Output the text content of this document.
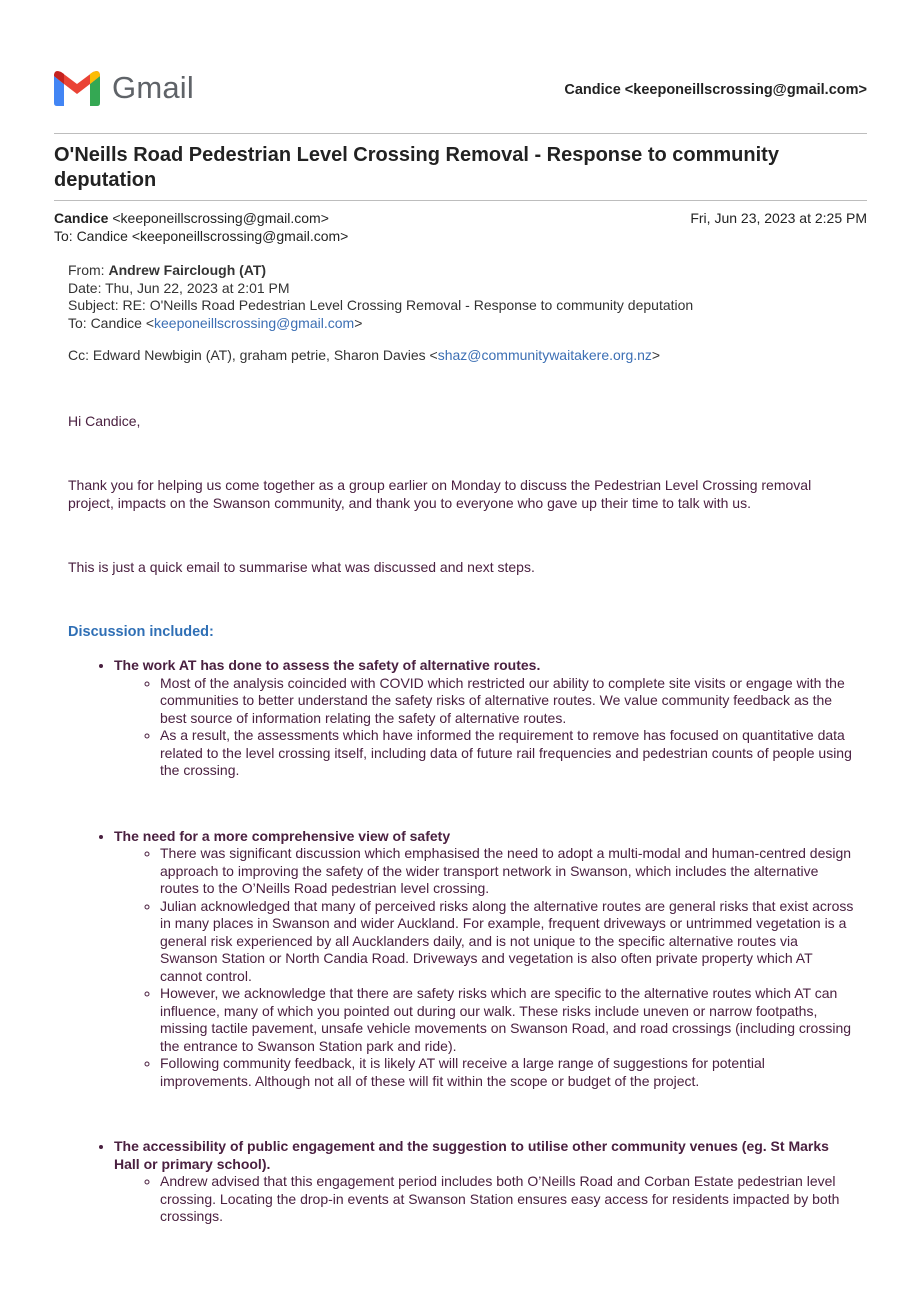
Gmail	Candice <keeponeillscrossing@gmail.com>
O'Neills Road Pedestrian Level Crossing Removal - Response to community deputation
Candice <keeponeillscrossing@gmail.com>	Fri, Jun 23, 2023 at 2:25 PM
To: Candice <keeponeillscrossing@gmail.com>

From: Andrew Fairclough (AT)

Date: Thu, Jun 22, 2023 at 2:01 PM

Subject: RE: O'Neills Road Pedestrian Level Crossing Removal - Response to community deputation

To: Candice <keeponeillscrossing@gmail.com>

Cc: Edward Newbigin (AT), graham petrie, Sharon Davies <shaz@communitywaitakere.org.nz>

Hi Candice,

Thank you for helping us come together as a group earlier on Monday to discuss the Pedestrian Level Crossing removal project, impacts on the Swanson community, and thank you to everyone who gave up their time to talk with us.

This is just a quick email to summarise what was discussed and next steps.

Discussion included:

• The work AT has done to assess the safety of alternative routes.
◦ Most of the analysis coincided with COVID which restricted our ability to complete site visits or engage with the communities to better understand the safety risks of alternative routes. We value community feedback as the best source of information relating the safety of alternative routes.
◦ As a result, the assessments which have informed the requirement to remove has focused on quantitative data related to the level crossing itself, including data of future rail frequencies and pedestrian counts of people using the crossing.
• The need for a more comprehensive view of safety
◦ There was significant discussion which emphasised the need to adopt a multi-modal and human-centred design approach to improving the safety of the wider transport network in Swanson, which includes the alternative routes to the O’Neills Road pedestrian level crossing.
◦ Julian acknowledged that many of perceived risks along the alternative routes are general risks that exist across in many places in Swanson and wider Auckland. For example, frequent driveways or untrimmed vegetation is a general risk experienced by all Aucklanders daily, and is not unique to the specific alternative routes via Swanson Station or North Candia Road. Driveways and vegetation is also often private property which AT cannot control.
◦ However, we acknowledge that there are safety risks which are specific to the alternative routes which AT can influence, many of which you pointed out during our walk. These risks include uneven or narrow footpaths, missing tactile pavement, unsafe vehicle movements on Swanson Road, and road crossings (including crossing the entrance to Swanson Station park and ride).
◦ Following community feedback, it is likely AT will receive a large range of suggestions for potential improvements. Although not all of these will fit within the scope or budget of the project.
• The accessibility of public engagement and the suggestion to utilise other community venues (eg. St Marks Hall or primary school).
◦ Andrew advised that this engagement period includes both O’Neills Road and Corban Estate pedestrian level crossing. Locating the drop-in events at Swanson Station ensures easy access for residents impacted by both crossings.
